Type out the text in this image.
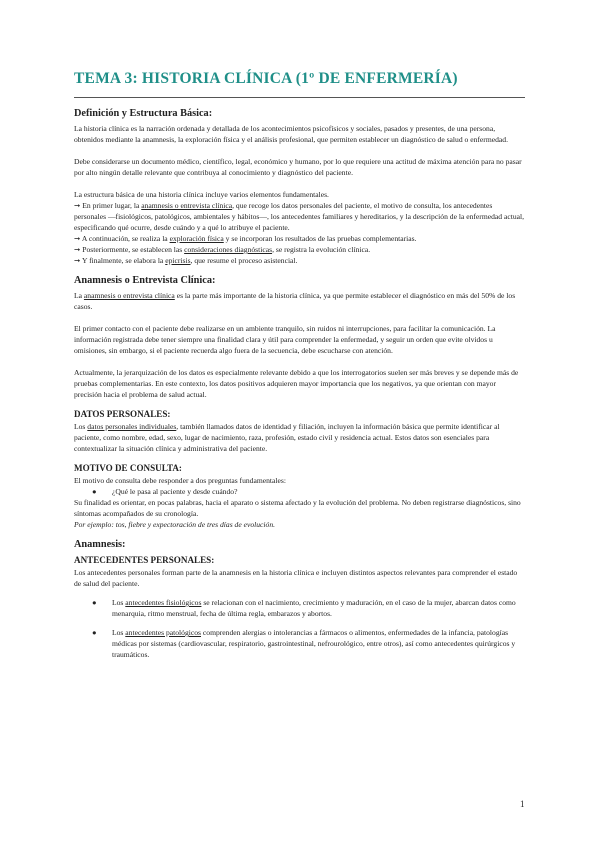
TEMA 3: HISTORIA CLÍNICA (1º DE ENFERMERÍA)
Definición y Estructura Básica:

La historia clínica es la narración ordenada y detallada de los acontecimientos psicofísicos y sociales, pasados y presentes, de una persona, obtenidos mediante la anamnesis, la exploración física y el análisis profesional, que permiten establecer un diagnóstico de salud o enfermedad.

Debe considerarse un documento médico, científico, legal, económico y humano, por lo que requiere una actitud de máxima atención para no pasar por alto ningún detalle relevante que contribuya al conocimiento y diagnóstico del paciente.

La estructura básica de una historia clínica incluye varios elementos fundamentales.

➞ En primer lugar, la anamnesis o entrevista clínica, que recoge los datos personales del paciente, el motivo de consulta, los antecedentes personales —fisiológicos, patológicos, ambientales y hábitos—, los antecedentes familiares y hereditarios, y la descripción de la enfermedad actual, especificando qué ocurre, desde cuándo y a qué lo atribuye el paciente.

➞ A continuación, se realiza la exploración física y se incorporan los resultados de las pruebas complementarias.

➞ Posteriormente, se establecen las consideraciones diagnósticas, se registra la evolución clínica.

➞ Y finalmente, se elabora la epicrisis, que resume el proceso asistencial.

Anamnesis o Entrevista Clínica:

La anamnesis o entrevista clínica es la parte más importante de la historia clínica, ya que permite establecer el diagnóstico en más del 50% de los casos.

El primer contacto con el paciente debe realizarse en un ambiente tranquilo, sin ruidos ni interrupciones, para facilitar la comunicación. La información registrada debe tener siempre una finalidad clara y útil para comprender la enfermedad, y seguir un orden que evite olvidos u omisiones, sin embargo, si el paciente recuerda algo fuera de la secuencia, debe escucharse con atención.

Actualmente, la jerarquización de los datos es especialmente relevante debido a que los interrogatorios suelen ser más breves y se depende más de pruebas complementarias. En este contexto, los datos positivos adquieren mayor importancia que los negativos, ya que orientan con mayor precisión hacia el problema de salud actual.

DATOS PERSONALES:

Los datos personales individuales, también llamados datos de identidad y filiación, incluyen la información básica que permite identificar al paciente, como nombre, edad, sexo, lugar de nacimiento, raza, profesión, estado civil y residencia actual. Estos datos son esenciales para contextualizar la situación clínica y administrativa del paciente.

MOTIVO DE CONSULTA:

El motivo de consulta debe responder a dos preguntas fundamentales:

●	¿Qué le pasa al paciente y desde cuándo?

Su finalidad es orientar, en pocas palabras, hacia el aparato o sistema afectado y la evolución del problema. No deben registrarse diagnósticos, sino síntomas acompañados de su cronología.

Por ejemplo: tos, fiebre y expectoración de tres días de evolución.

Anamnesis:
ANTECEDENTES PERSONALES:

Los antecedentes personales forman parte de la anamnesis en la historia clínica e incluyen distintos aspectos relevantes para comprender el estado de salud del paciente.

●	Los antecedentes fisiológicos se relacionan con el nacimiento, crecimiento y maduración, en el caso de la mujer, abarcan datos como menarquia, ritmo menstrual, fecha de última regla, embarazos y abortos.
●	Los antecedentes patológicos comprenden alergias o intolerancias a fármacos o alimentos, enfermedades de la infancia, patologías médicas por sistemas (cardiovascular, respiratorio, gastrointestinal, nefrourológico, entre otros), así como antecedentes quirúrgicos y traumáticos.
1
